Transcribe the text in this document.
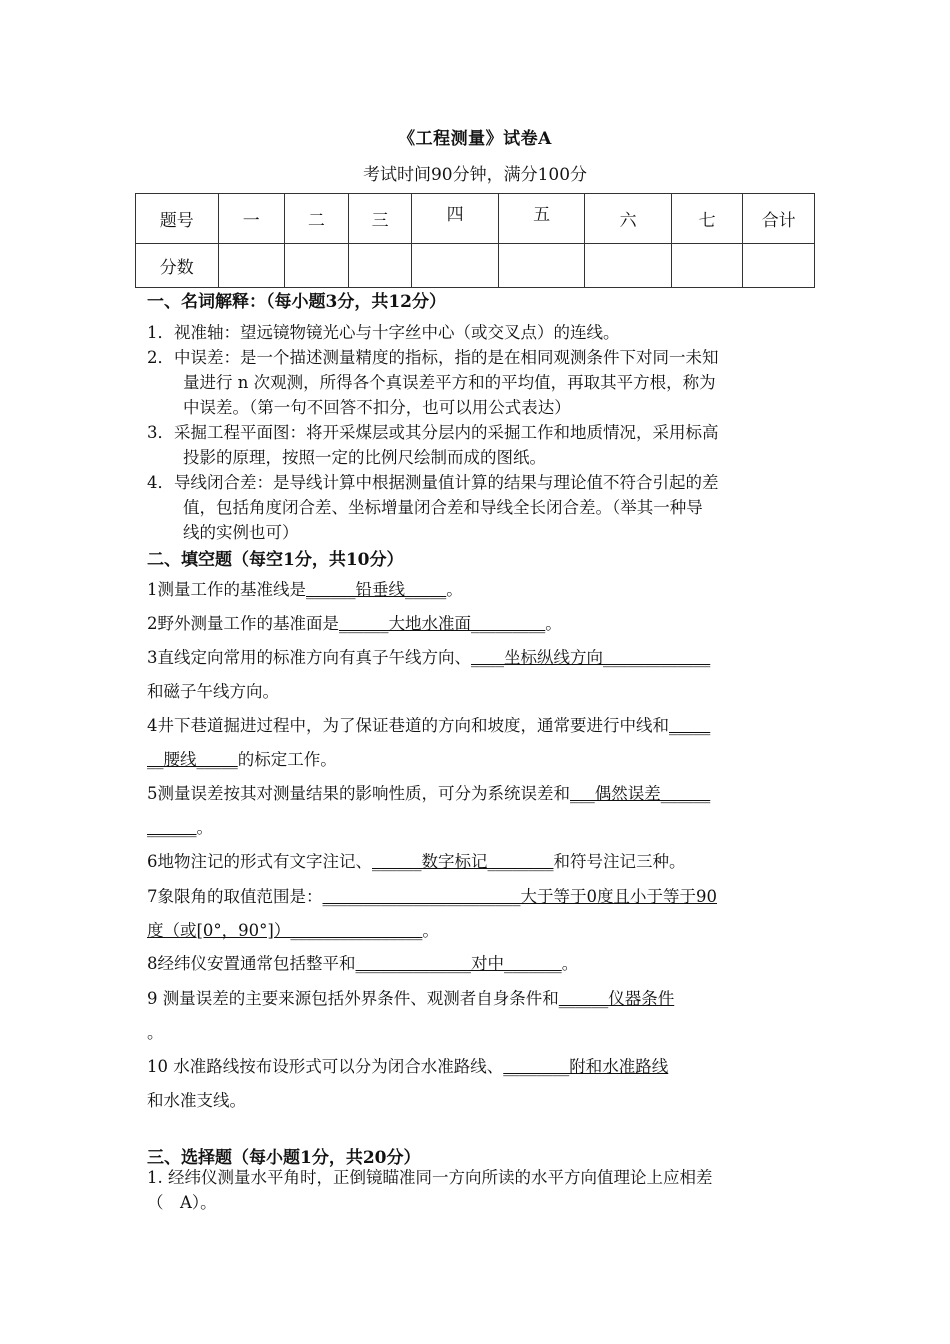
《工程测量》试卷A
考试时间90分钟，满分100分
题号	一	二	三	四	五	六	七	合计
分数								
一、名词解释：（每小题3分，共12分）
1．视准轴：望远镜物镜光心与十字丝中心（或交叉点）的连线。
2．中误差：是一个描述测量精度的指标，指的是在相同观测条件下对同一未知
量进行 n 次观测，所得各个真误差平方和的平均值，再取其平方根，称为
中误差。（第一句不回答不扣分，也可以用公式表达）
3．采掘工程平面图：将开采煤层或其分层内的采掘工作和地质情况，采用标高
投影的原理，按照一定的比例尺绘制而成的图纸。
4．导线闭合差：是导线计算中根据测量值计算的结果与理论值不符合引起的差
值，包括角度闭合差、坐标增量闭合差和导线全长闭合差。（举其一种导
线的实例也可）
二、填空题（每空1分，共10分）
1测量工作的基准线是______铅垂线_____。
2野外测量工作的基准面是______大地水准面_________。
3直线定向常用的标准方向有真子午线方向、____坐标纵线方向_____________
和磁子午线方向。
4井下巷道掘进过程中，为了保证巷道的方向和坡度，通常要进行中线和_____
__腰线_____的标定工作。
5测量误差按其对测量结果的影响性质，可分为系统误差和___偶然误差______
______。
6地物注记的形式有文字注记、______数字标记________和符号注记三种。
7象限角的取值范围是：________________________大于等于0度且小于等于90
度（或[0°，90°]）________________。
8经纬仪安置通常包括整平和______________对中_______。
9 测量误差的主要来源包括外界条件、观测者自身条件和______仪器条件
。
10 水准路线按布设形式可以分为闭合水准路线、________附和水准路线
和水准支线。
三、选择题（每小题1分，共20分）
1. 经纬仪测量水平角时，正倒镜瞄准同一方向所读的水平方向值理论上应相差
（　A）。
